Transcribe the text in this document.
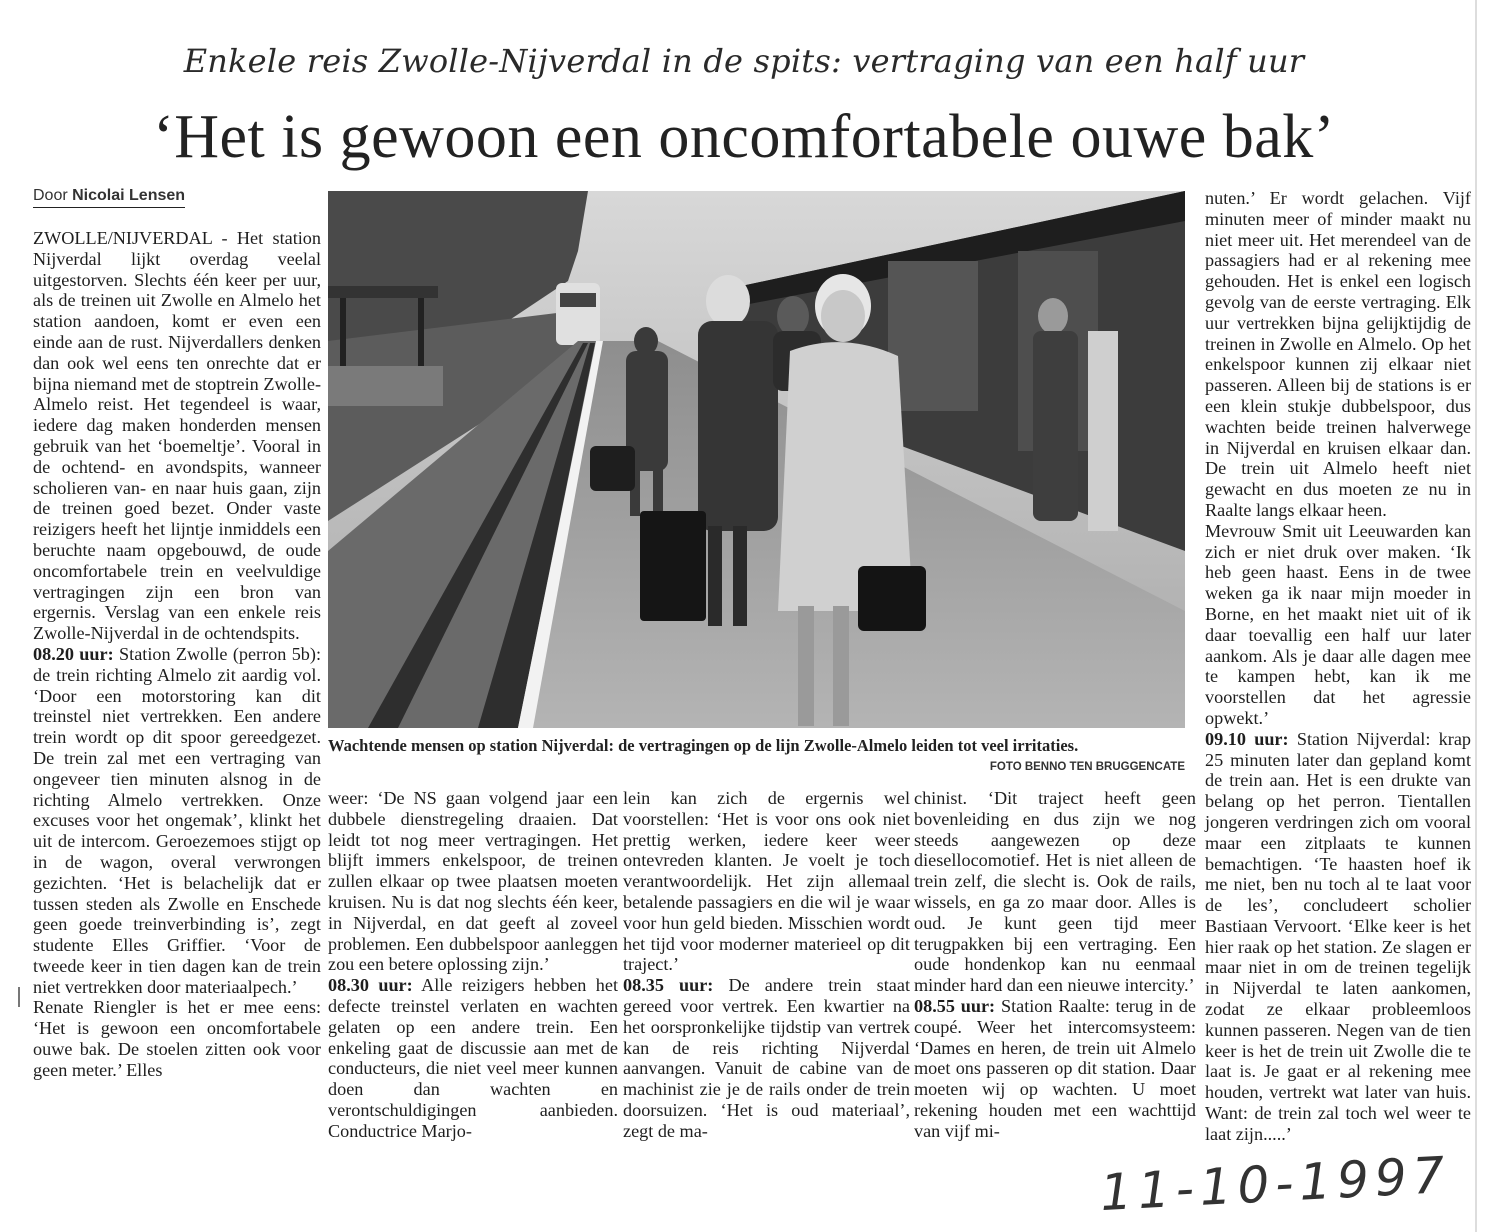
Enkele reis Zwolle-Nijverdal in de spits: vertraging van een half uur
‘Het is gewoon een oncomfortabele ouwe bak’
Door Nicolai Lensen

ZWOLLE/NIJVERDAL - Het station Nijverdal lijkt overdag veelal uitgestorven. Slechts één keer per uur, als de treinen uit Zwolle en Almelo het station aandoen, komt er even een einde aan de rust. Nijverdallers denken dan ook wel eens ten onrechte dat er bijna niemand met de stoptrein Zwolle-Almelo reist. Het tegendeel is waar, iedere dag maken honderden mensen gebruik van het ‘boemeltje’. Vooral in de ochtend- en avondspits, wanneer scholieren van- en naar huis gaan, zijn de treinen goed bezet. Onder vaste reizigers heeft het lijntje inmiddels een beruchte naam opgebouwd, de oude oncomfortabele trein en veelvuldige vertragingen zijn een bron van ergernis. Verslag van een enkele reis Zwolle-Nijverdal in de ochtendspits.

08.20 uur: Station Zwolle (perron 5b): de trein richting Almelo zit aardig vol. ‘Door een motorstoring kan dit treinstel niet vertrekken. Een andere trein wordt op dit spoor gereedgezet. De trein zal met een vertraging van ongeveer tien minuten alsnog in de richting Almelo vertrekken. Onze excuses voor het ongemak’, klinkt het uit de intercom. Geroezemoes stijgt op in de wagon, overal verwrongen gezichten. ‘Het is belachelijk dat er tussen steden als Zwolle en Enschede geen goede treinverbinding is’, zegt studente Elles Griffier. ‘Voor de tweede keer in tien dagen kan de trein niet vertrekken door materiaalpech.’

Renate Riengler is het er mee eens: ‘Het is gewoon een oncomfortabele ouwe bak. De stoelen zitten ook voor geen meter.’ Elles

Wachtende mensen op station Nijverdal: de vertragingen op de lijn Zwolle-Almelo leiden tot veel irritaties.
FOTO BENNO TEN BRUGGENCATE

weer: ‘De NS gaan volgend jaar een dubbele dienstregeling draaien. Dat leidt tot nog meer vertragingen. Het blijft immers enkelspoor, de treinen zullen elkaar op twee plaatsen moeten kruisen. Nu is dat nog slechts één keer, in Nijverdal, en dat geeft al zoveel problemen. Een dubbelspoor aanleggen zou een betere oplossing zijn.’

08.30 uur: Alle reizigers hebben het defecte treinstel verlaten en wachten gelaten op een andere trein. Een enkeling gaat de discussie aan met de conducteurs, die niet veel meer kunnen doen dan wachten en verontschuldigingen aanbieden. Conductrice Marjo-

lein kan zich de ergernis wel voorstellen: ‘Het is voor ons ook niet prettig werken, iedere keer weer ontevreden klanten. Je voelt je toch verantwoordelijk. Het zijn allemaal betalende passagiers en die wil je waar voor hun geld bieden. Misschien wordt het tijd voor moderner materieel op dit traject.’

08.35 uur: De andere trein staat gereed voor vertrek. Een kwartier na het oorspronkelijke tijdstip van vertrek kan de reis richting Nijverdal aanvangen. Vanuit de cabine van de machinist zie je de rails onder de trein doorsuizen. ‘Het is oud materiaal’, zegt de ma-

chinist. ‘Dit traject heeft geen bovenleiding en dus zijn we nog steeds aangewezen op deze diesellocomotief. Het is niet alleen de trein zelf, die slecht is. Ook de rails, wissels, en ga zo maar door. Alles is oud. Je kunt geen tijd meer terugpakken bij een vertraging. Een oude hondenkop kan nu eenmaal minder hard dan een nieuwe intercity.’

08.55 uur: Station Raalte: terug in de coupé. Weer het intercomsysteem: ‘Dames en heren, de trein uit Almelo moet ons passeren op dit station. Daar moeten wij op wachten. U moet rekening houden met een wachttijd van vijf mi-

nuten.’ Er wordt gelachen. Vijf minuten meer of minder maakt nu niet meer uit. Het merendeel van de passagiers had er al rekening mee gehouden. Het is enkel een logisch gevolg van de eerste vertraging. Elk uur vertrekken bijna gelijktijdig de treinen in Zwolle en Almelo. Op het enkelspoor kunnen zij elkaar niet passeren. Alleen bij de stations is er een klein stukje dubbelspoor, dus wachten beide treinen halverwege in Nijverdal en kruisen elkaar dan. De trein uit Almelo heeft niet gewacht en dus moeten ze nu in Raalte langs elkaar heen.

Mevrouw Smit uit Leeuwarden kan zich er niet druk over maken. ‘Ik heb geen haast. Eens in de twee weken ga ik naar mijn moeder in Borne, en het maakt niet uit of ik daar toevallig een half uur later aankom. Als je daar alle dagen mee te kampen hebt, kan ik me voorstellen dat het agressie opwekt.’

09.10 uur: Station Nijverdal: krap 25 minuten later dan gepland komt de trein aan. Het is een drukte van belang op het perron. Tientallen jongeren verdringen zich om vooral maar een zitplaats te kunnen bemachtigen. ‘Te haasten hoef ik me niet, ben nu toch al te laat voor de les’, concludeert scholier Bastiaan Vervoort. ‘Elke keer is het hier raak op het station. Ze slagen er maar niet in om de treinen tegelijk in Nijverdal te laten aankomen, zodat ze elkaar probleemloos kunnen passeren. Negen van de tien keer is het de trein uit Zwolle die te laat is. Je gaat er al rekening mee houden, vertrekt wat later van huis. Want: de trein zal toch wel weer te laat zijn.....’

11-10-1997
